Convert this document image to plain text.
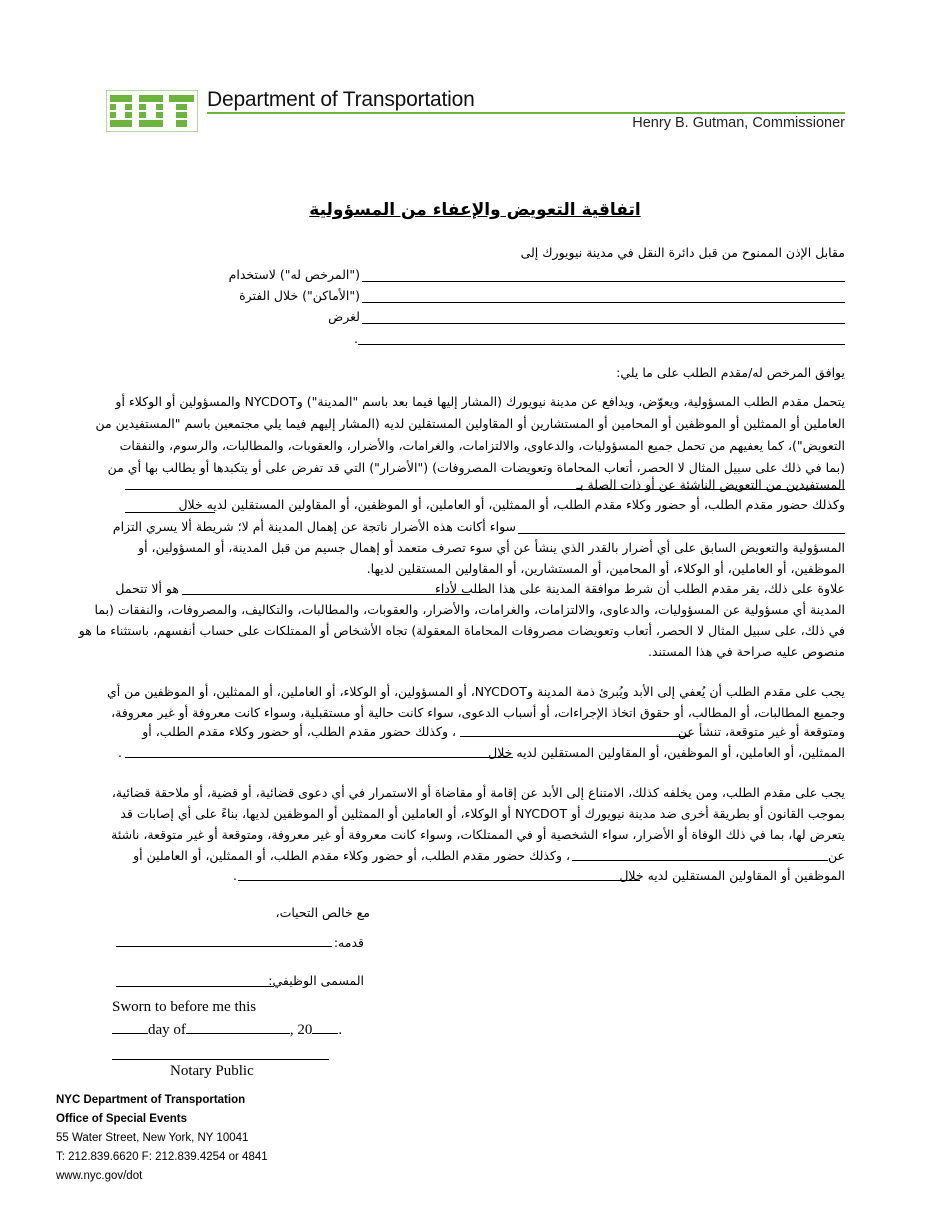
Department of Transportation
Henry B. Gutman, Commissioner
اتفاقية التعويض والإعفاء من المسؤولية
مقابل الإذن الممنوح من قبل دائرة النقل في مدينة نيويورك إلى
("المرخص له") لاستخدام
("الأماكن") خلال الفترة
لغرض
.
يوافق المرخص له/مقدم الطلب على ما يلي:
يتحمل مقدم الطلب المسؤولية، ويعوّض، ويدافع عن مدينة نيويورك (المشار إليها فيما بعد باسم "المدينة") وNYCDOT والمسؤولين أو الوكلاء أو
العاملين أو الممثلين أو الموظفين أو المحامين أو المستشارين أو المقاولين المستقلين لديه (المشار إليهم فيما يلي مجتمعين باسم "المستفيدين من
التعويض")، كما يعفيهم من تحمل جميع المسؤوليات، والدعاوى، والالتزامات، والغرامات، والأضرار، والعقوبات، والمطالبات، والرسوم، والنفقات
(بما في ذلك على سبيل المثال لا الحصر، أتعاب المحاماة وتعويضات المصروفات) ("الأضرار") التي قد تفرض على أو يتكبدها أو يطالب بها أي من
المستفيدين من التعويض الناشئة عن أو ذات الصلة بـ
وكذلك حضور مقدم الطلب، أو حضور وكلاء مقدم الطلب، أو الممثلين، أو العاملين، أو الموظفين، أو المقاولين المستقلين لديه خلال
سواء أكانت هذه الأضرار ناتجة عن إهمال المدينة أم لا؛ شريطة ألا يسري التزام
المسؤولية والتعويض السابق على أي أضرار بالقدر الذي ينشأ عن أي سوء تصرف متعمد أو إهمال جسيم من قبل المدينة، أو المسؤولين، أو
الموظفين، أو العاملين، أو الوكلاء، أو المحامين، أو المستشارين، أو المقاولين المستقلين لديها.
علاوة على ذلك، يقر مقدم الطلب أن شرط موافقة المدينة على هذا الطلب لأداء
هو ألا تتحمل
المدينة أي مسؤولية عن المسؤوليات، والدعاوى، والالتزامات، والغرامات، والأضرار، والعقوبات، والمطالبات، والتكاليف، والمصروفات، والنفقات (بما
في ذلك، على سبيل المثال لا الحصر، أتعاب وتعويضات مصروفات المحاماة المعقولة) تجاه الأشخاص أو الممتلكات على حساب أنفسهم، باستثناء ما هو
منصوص عليه صراحة في هذا المستند.
يجب على مقدم الطلب أن يُعفي إلى الأبد ويُبرئ ذمة المدينة وNYCDOT، أو المسؤولين، أو الوكلاء، أو العاملين، أو الممثلين، أو الموظفين من أي
وجميع المطالبات، أو المطالب، أو حقوق اتخاذ الإجراءات، أو أسباب الدعوى، سواء كانت حالية أو مستقبلية، وسواء كانت معروفة أو غير معروفة،
ومتوقعة أو غير متوقعة، تنشأ عن
، وكذلك حضور مقدم الطلب، أو حضور وكلاء مقدم الطلب، أو
الممثلين، أو العاملين، أو الموظفين، أو المقاولين المستقلين لديه خلال
.
يجب على مقدم الطلب، ومن يخلفه كذلك، الامتناع إلى الأبد عن إقامة أو مقاضاة أو الاستمرار في أي دعوى قضائية، أو قضية، أو ملاحقة قضائية،
بموجب القانون أو بطريقة أخرى ضد مدينة نيويورك أو NYCDOT أو الوكلاء، أو العاملين أو الممثلين أو الموظفين لديها، بناءً على أي إصابات قد
يتعرض لها، بما في ذلك الوفاة أو الأضرار، سواء الشخصية أو في الممتلكات، وسواء كانت معروفة أو غير معروفة، ومتوقعة أو غير متوقعة، ناشئة
عن
، وكذلك حضور مقدم الطلب، أو حضور وكلاء مقدم الطلب، أو الممثلين، أو العاملين أو
الموظفين أو المقاولين المستقلين لديه خلال
.
مع خالص التحيات،
قدمه:
المسمى الوظيفي:
Sworn to before me this
day of	, 20 .
Notary Public
NYC Department of Transportation
Office of Special Events
55 Water Street, New York, NY 10041
T: 212.839.6620 F: 212.839.4254 or 4841
www.nyc.gov/dot
